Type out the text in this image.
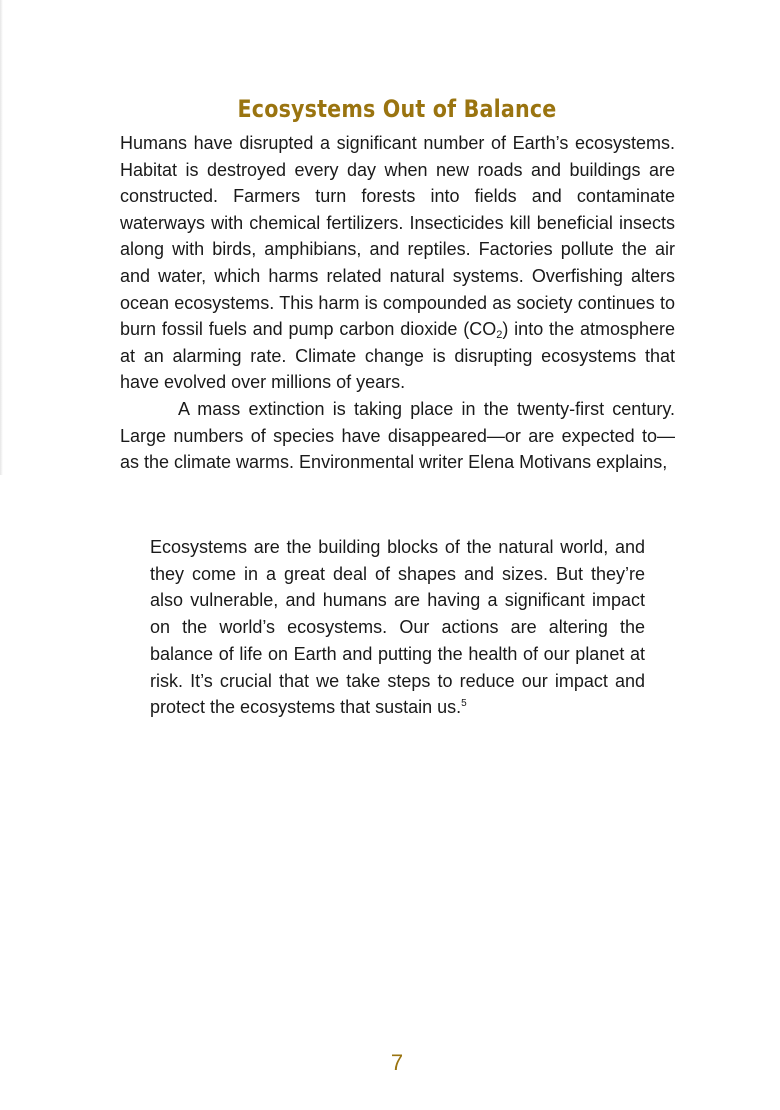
Ecosystems Out of Balance

Humans have disrupted a significant number of Earth’s ecosystems. Habitat is destroyed every day when new roads and buildings are constructed. Farmers turn forests into fields and contaminate waterways with chemical fertilizers. Insecticides kill beneficial insects along with birds, amphibians, and reptiles. Factories pollute the air and water, which harms related natural systems. Overfishing alters ocean ecosystems. This harm is compounded as society continues to burn fossil fuels and pump carbon dioxide $(CO_2)$ into the atmosphere at an alarming rate. Climate change is disrupting ecosystems that have evolved over millions of years.

A mass extinction is taking place in the twenty-first century. Large numbers of species have disappeared—or are expected to—as the climate warms. Environmental writer Elena Motivans explains,

Ecosystems are the building blocks of the natural world, and they come in a great deal of shapes and sizes. But they’re also vulnerable, and humans are having a significant impact on the world’s ecosystems. Our actions are altering the balance of life on Earth and putting the health of our planet at risk. It’s crucial that we take steps to reduce our impact and protect the ecosystems that sustain us.$^5$
7
